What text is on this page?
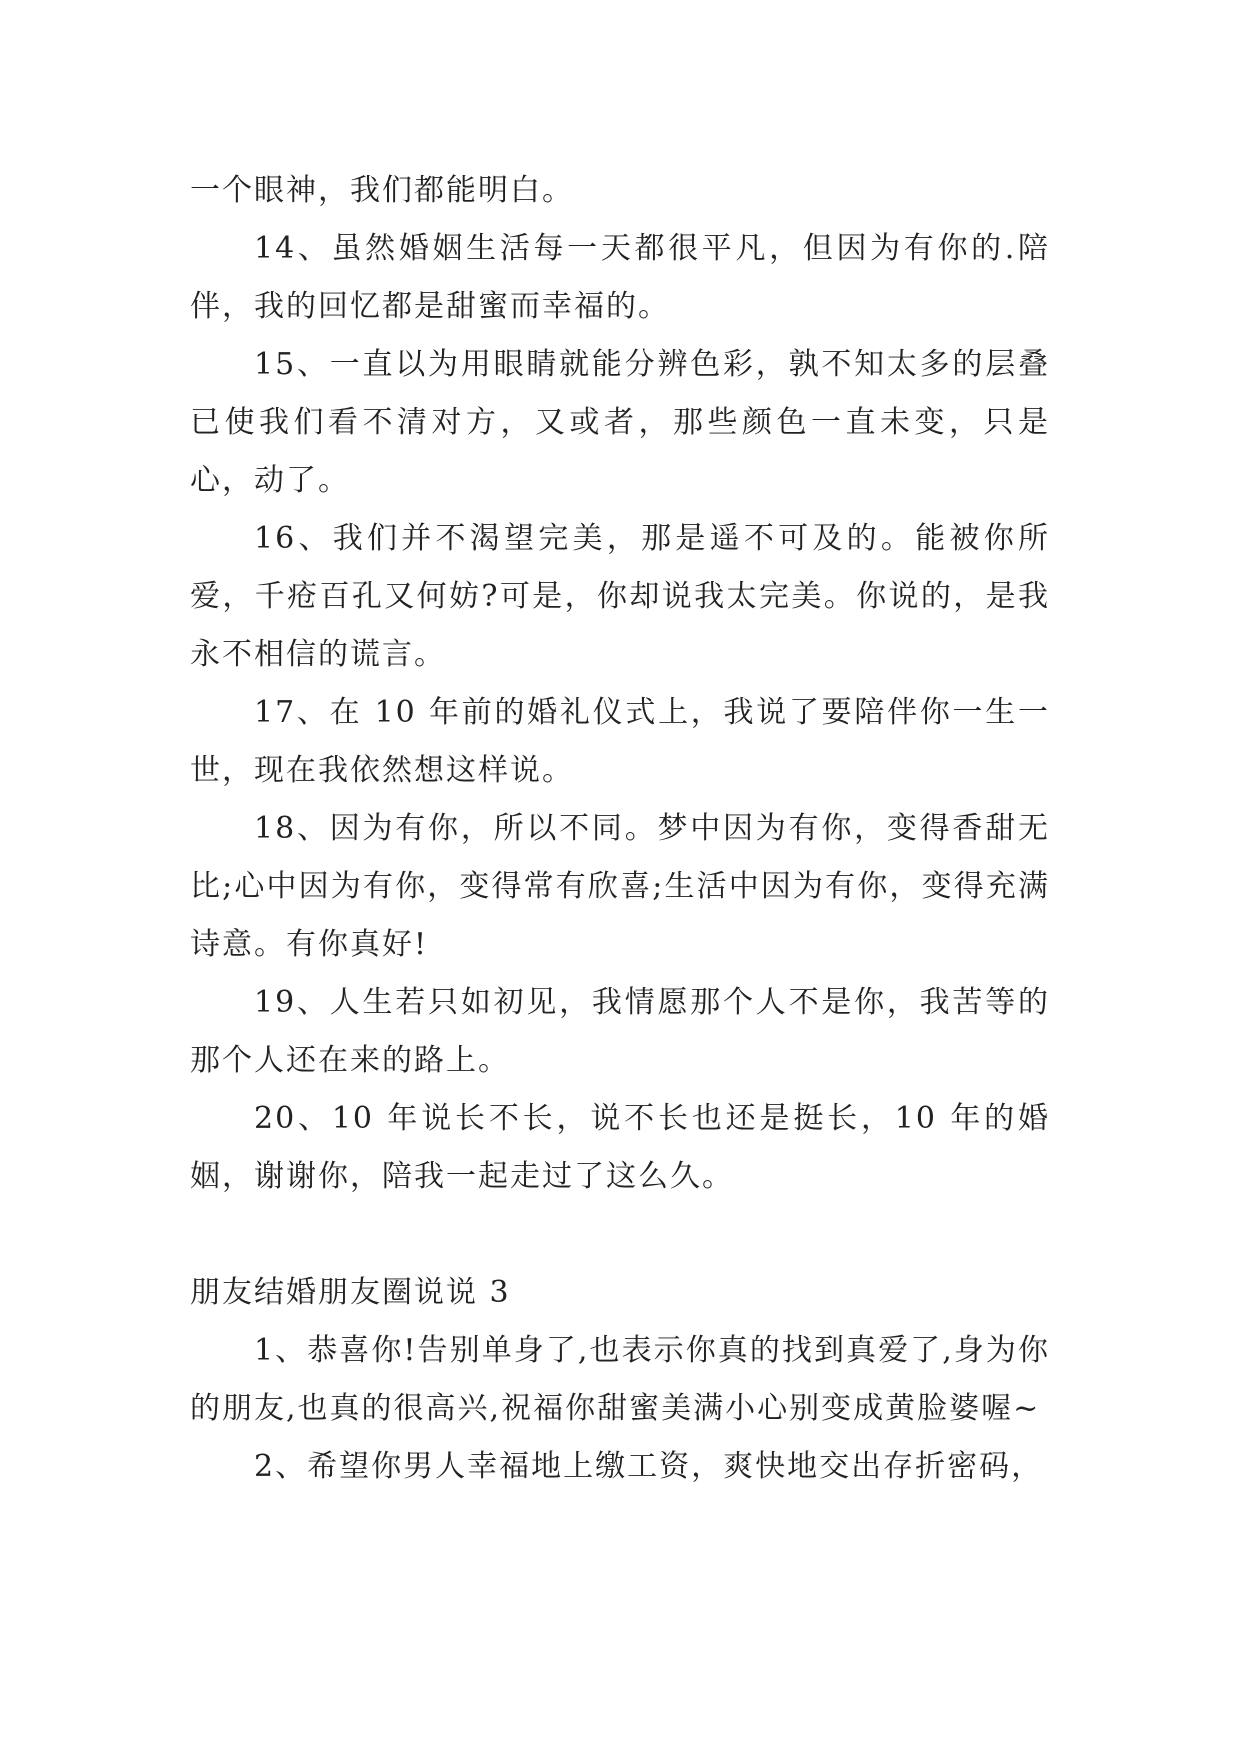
一个眼神，我们都能明白。

14、虽然婚姻生活每一天都很平凡，但因为有你的.陪伴，我的回忆都是甜蜜而幸福的。

15、一直以为用眼睛就能分辨色彩，孰不知太多的层叠已使我们看不清对方，又或者，那些颜色一直未变，只是心，动了。

16、我们并不渴望完美，那是遥不可及的。能被你所爱，千疮百孔又何妨?可是，你却说我太完美。你说的，是我永不相信的谎言。

17、在 10 年前的婚礼仪式上，我说了要陪伴你一生一世，现在我依然想这样说。

18、因为有你，所以不同。梦中因为有你，变得香甜无比;心中因为有你，变得常有欣喜;生活中因为有你，变得充满诗意。有你真好!

19、人生若只如初见，我情愿那个人不是你，我苦等的那个人还在来的路上。

20、10 年说长不长，说不长也还是挺长，10 年的婚姻，谢谢你，陪我一起走过了这么久。

朋友结婚朋友圈说说 3

1、恭喜你!告别单身了,也表示你真的找到真爱了,身为你的朋友,也真的很高兴,祝福你甜蜜美满小心别变成黄脸婆喔~

2、希望你男人幸福地上缴工资，爽快地交出存折密码，
